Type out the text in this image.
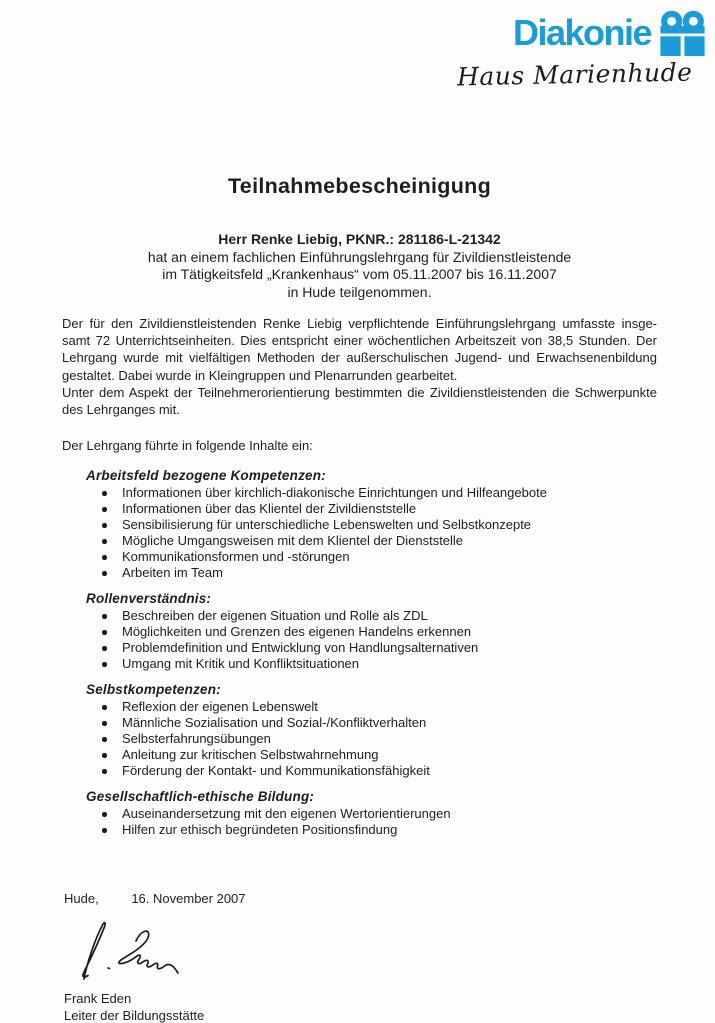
Diakonie
Haus Marienhude
Teilnahmebescheinigung

Herr Renke Liebig, PKNR.: 281186-L-21342

hat an einem fachlichen Einführungslehrgang für Zivildienstleistende

im Tätigkeitsfeld „Krankenhaus“ vom 05.11.2007 bis 16.11.2007

in Hude teilgenommen.

Der für den Zivildienstleistenden Renke Liebig verpflichtende Einführungslehrgang umfasste insge-
samt 72 Unterrichtseinheiten. Dies entspricht einer wöchentlichen Arbeitszeit von 38,5 Stunden. Der
Lehrgang wurde mit vielfältigen Methoden der außerschulischen Jugend- und Erwachsenenbildung
gestaltet. Dabei wurde in Kleingruppen und Plenarrunden gearbeitet.
Unter dem Aspekt der Teilnehmerorientierung bestimmten die Zivildienstleistenden die Schwerpunkte
des Lehrganges mit.

Der Lehrgang führte in folgende Inhalte ein:

Arbeitsfeld bezogene Kompetenzen:
Informationen über kirchlich-diakonische Einrichtungen und Hilfeangebote
Informationen über das Klientel der Zivildienststelle
Sensibilisierung für unterschiedliche Lebenswelten und Selbstkonzepte
Mögliche Umgangsweisen mit dem Klientel der Dienststelle
Kommunikationsformen und -störungen
Arbeiten im Team
Rollenverständnis:
Beschreiben der eigenen Situation und Rolle als ZDL
Möglichkeiten und Grenzen des eigenen Handelns erkennen
Problemdefinition und Entwicklung von Handlungsalternativen
Umgang mit Kritik und Konfliktsituationen
Selbstkompetenzen:
Reflexion der eigenen Lebenswelt
Männliche Sozialisation und Sozial-/Konfliktverhalten
Selbsterfahrungsübungen
Anleitung zur kritischen Selbstwahrnehmung
Förderung der Kontakt- und Kommunikationsfähigkeit
Gesellschaftlich-ethische Bildung:
Auseinandersetzung mit den eigenen Wertorientierungen
Hilfen zur ethisch begründeten Positionsfindung

Hude,	16. November 2007

Frank Eden

Leiter der Bildungsstätte
